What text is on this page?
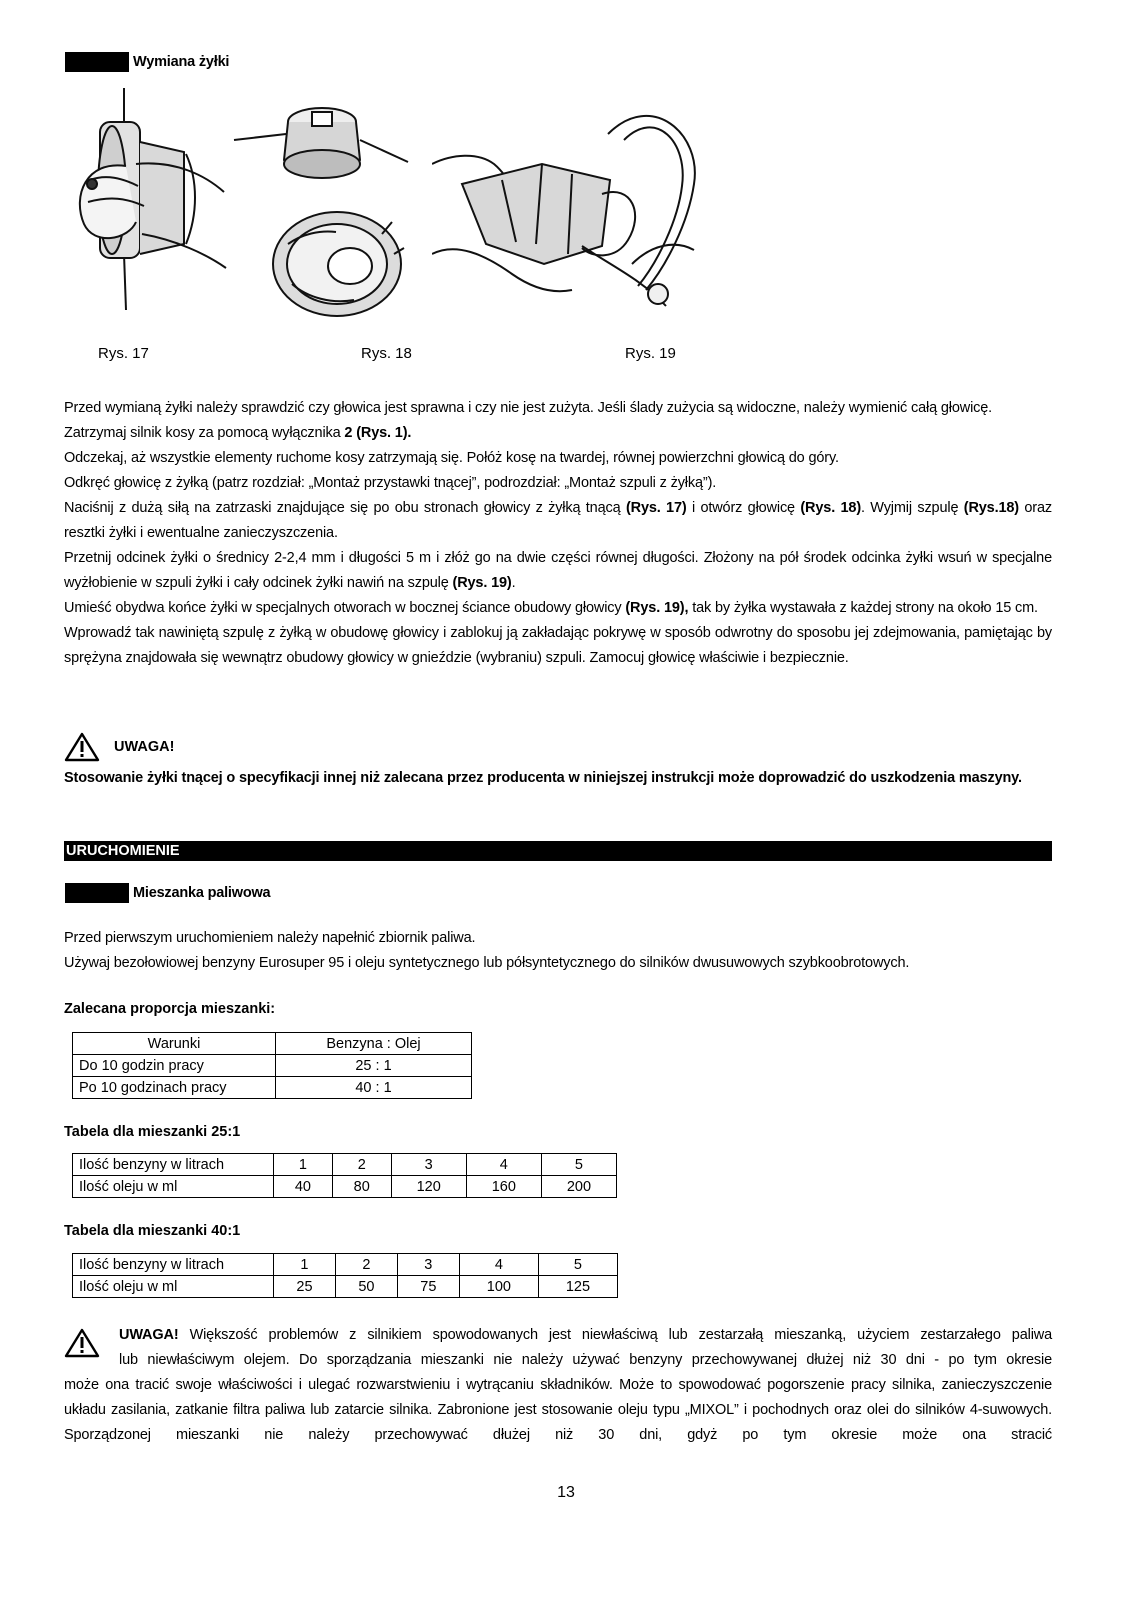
Wymiana żyłki
Rys. 17	Rys. 18	Rys. 19

Przed wymianą żyłki należy sprawdzić czy głowica jest sprawna i czy nie jest zużyta. Jeśli ślady zużycia są widoczne, należy wymienić całą głowicę.

Zatrzymaj silnik kosy za pomocą wyłącznika 2 (Rys. 1).

Odczekaj, aż wszystkie elementy ruchome kosy zatrzymają się. Połóż kosę na twardej, równej powierzchni głowicą do góry.

Odkręć głowicę z żyłką (patrz rozdział: „Montaż przystawki tnącej”, podrozdział: „Montaż szpuli z żyłką”).

Naciśnij z dużą siłą na zatrzaski znajdujące się po obu stronach głowicy z żyłką tnącą (Rys. 17) i otwórz głowicę (Rys. 18). Wyjmij szpulę (Rys.18) oraz resztki żyłki i ewentualne zanieczyszczenia.

Przetnij odcinek żyłki o średnicy 2-2,4 mm i długości 5 m i złóż go na dwie części równej długości. Złożony na pół środek odcinka żyłki wsuń w specjalne wyżłobienie w szpuli żyłki i cały odcinek żyłki nawiń na szpulę (Rys. 19).

Umieść obydwa końce żyłki w specjalnych otworach w bocznej ściance obudowy głowicy (Rys. 19), tak by żyłka wystawała z każdej strony na około 15 cm.

Wprowadź tak nawiniętą szpulę z żyłką w obudowę głowicy i zablokuj ją zakładając pokrywę w sposób odwrotny do sposobu jej zdejmowania, pamiętając by sprężyna znajdowała się wewnątrz obudowy głowicy w gnieździe (wybraniu) szpuli. Zamocuj głowicę właściwie i bezpiecznie.

UWAGA!

Stosowanie żyłki tnącej o specyfikacji innej niż zalecana przez producenta w niniejszej instrukcji może doprowadzić do uszkodzenia maszyny.

URUCHOMIENIE
Mieszanka paliwowa

Przed pierwszym uruchomieniem należy napełnić zbiornik paliwa.

Używaj bezołowiowej benzyny Eurosuper 95 i oleju syntetycznego lub półsyntetycznego do silników dwusuwowych szybkoobrotowych.

Zalecana proporcja mieszanki:
Warunki	Benzyna : Olej
Do 10 godzin pracy	25 : 1
Po 10 godzinach pracy	40 : 1
Tabela dla mieszanki 25:1
Ilość benzyny w litrach	1	2	3	4	5
Ilość oleju w ml	40	80	120	160	200
Tabela dla mieszanki 40:1
Ilość benzyny w litrach	1	2	3	4	5
Ilość oleju w ml	25	50	75	100	125

UWAGA! Większość problemów z silnikiem spowodowanych jest niewłaściwą lub zestarzałą mieszanką, użyciem zestarzałego paliwa

lub niewłaściwym olejem. Do sporządzania mieszanki nie należy używać benzyny przechowywanej dłużej niż 30 dni - po tym okresie

może ona tracić swoje właściwości i ulegać rozwarstwieniu i wytrącaniu składników. Może to spowodować pogorszenie pracy silnika, zanieczyszczenie układu zasilania, zatkanie filtra paliwa lub zatarcie silnika. Zabronione jest stosowanie oleju typu „MIXOL” i pochodnych oraz olei do silników 4-suwowych. Sporządzonej mieszanki nie należy przechowywać dłużej niż 30 dni, gdyż po tym okresie może ona stracić

13
